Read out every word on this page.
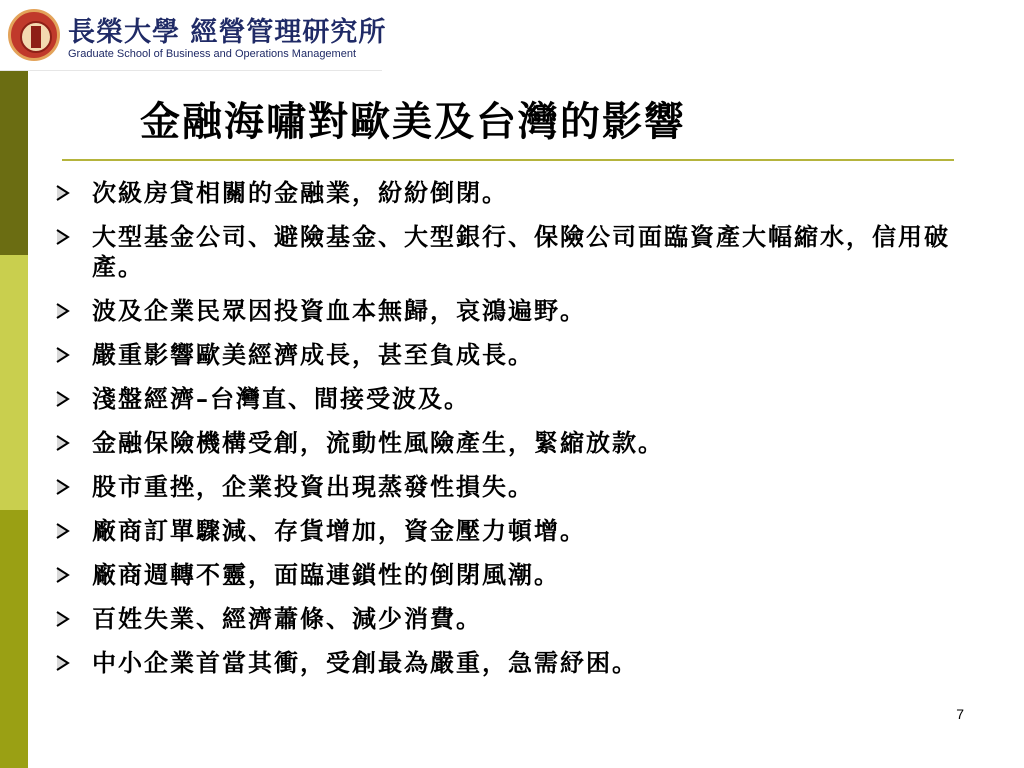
長榮大學 經營管理研究所
Graduate School of Business and Operations Management
金融海嘯對歐美及台灣的影響
次級房貸相關的金融業，紛紛倒閉。
大型基金公司、避險基金、大型銀行、保險公司面臨資產大幅縮水，信用破產。
波及企業民眾因投資血本無歸，哀鴻遍野。
嚴重影響歐美經濟成長，甚至負成長。
淺盤經濟–台灣直、間接受波及。
金融保險機構受創，流動性風險產生，緊縮放款。
股市重挫，企業投資出現蒸發性損失。
廠商訂單驟減、存貨增加，資金壓力頓增。
廠商週轉不靈，面臨連鎖性的倒閉風潮。
百姓失業、經濟蕭條、減少消費。
中小企業首當其衝，受創最為嚴重，急需紓困。
7
